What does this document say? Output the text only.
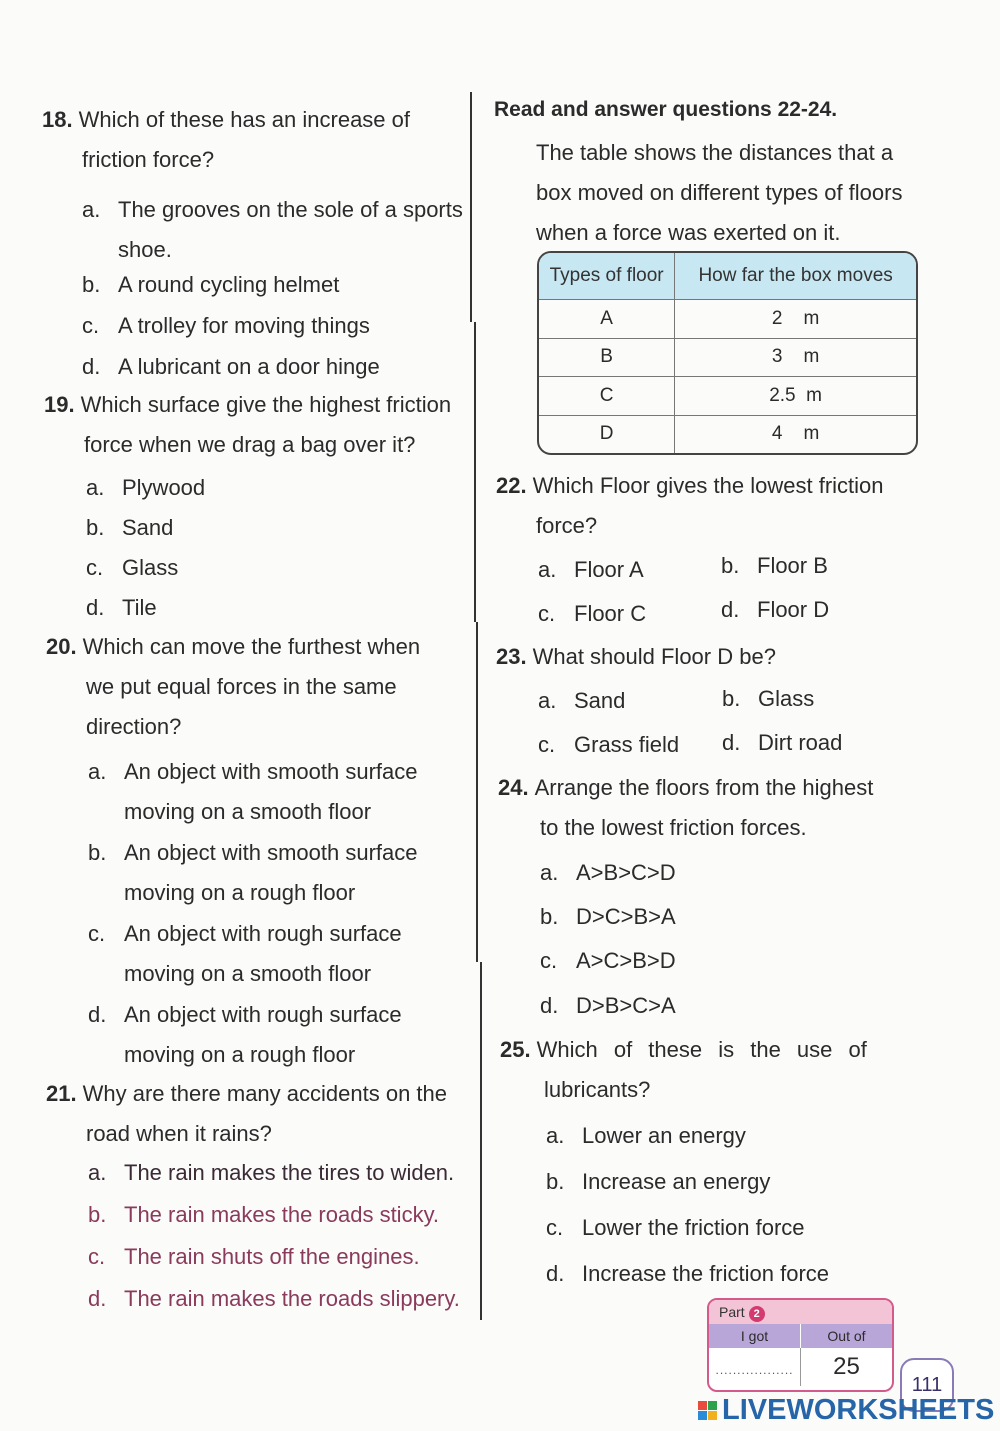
18. Which of these has an increase of
friction force?
a. The grooves on the sole of a sports
shoe.
b. A round cycling helmet
c. A trolley for moving things
d. A lubricant on a door hinge
19. Which surface give the highest friction
force when we drag a bag over it?
a. Plywood
b. Sand
c. Glass
d. Tile
20. Which can move the furthest when
we put equal forces in the same
direction?
a. An object with smooth surface
moving on a smooth floor
b. An object with smooth surface
moving on a rough floor
c. An object with rough surface
moving on a smooth floor
d. An object with rough surface
moving on a rough floor
21. Why are there many accidents on the
road when it rains?
a. The rain makes the tires to widen.
b. The rain makes the roads sticky.
c. The rain shuts off the engines.
d. The rain makes the roads slippery.
Read and answer questions 22-24.
The table shows the distances that a
box moved on different types of floors
when a force was exerted on it.
Types of floor	How far the box moves
A	2    m
B	3    m
C	2.5  m
D	4    m
22. Which Floor gives the lowest friction
force?
a. Floor A	b. Floor B
c. Floor C	d. Floor D
23. What should Floor D be?
a. Sand	b. Glass
c. Grass field d. Dirt road
24. Arrange the floors from the highest
to the lowest friction forces.
a. A>B>C>D
b. D>C>B>A
c. A>C>B>D
d. D>B>C>A
25. Which of these is the use of
lubricants?
a. Lower an energy
b. Increase an energy
c. Lower the friction force
d. Increase the friction force
Part 2
I got	Out of
..................	25
111
LIVEWORKSHEETS
